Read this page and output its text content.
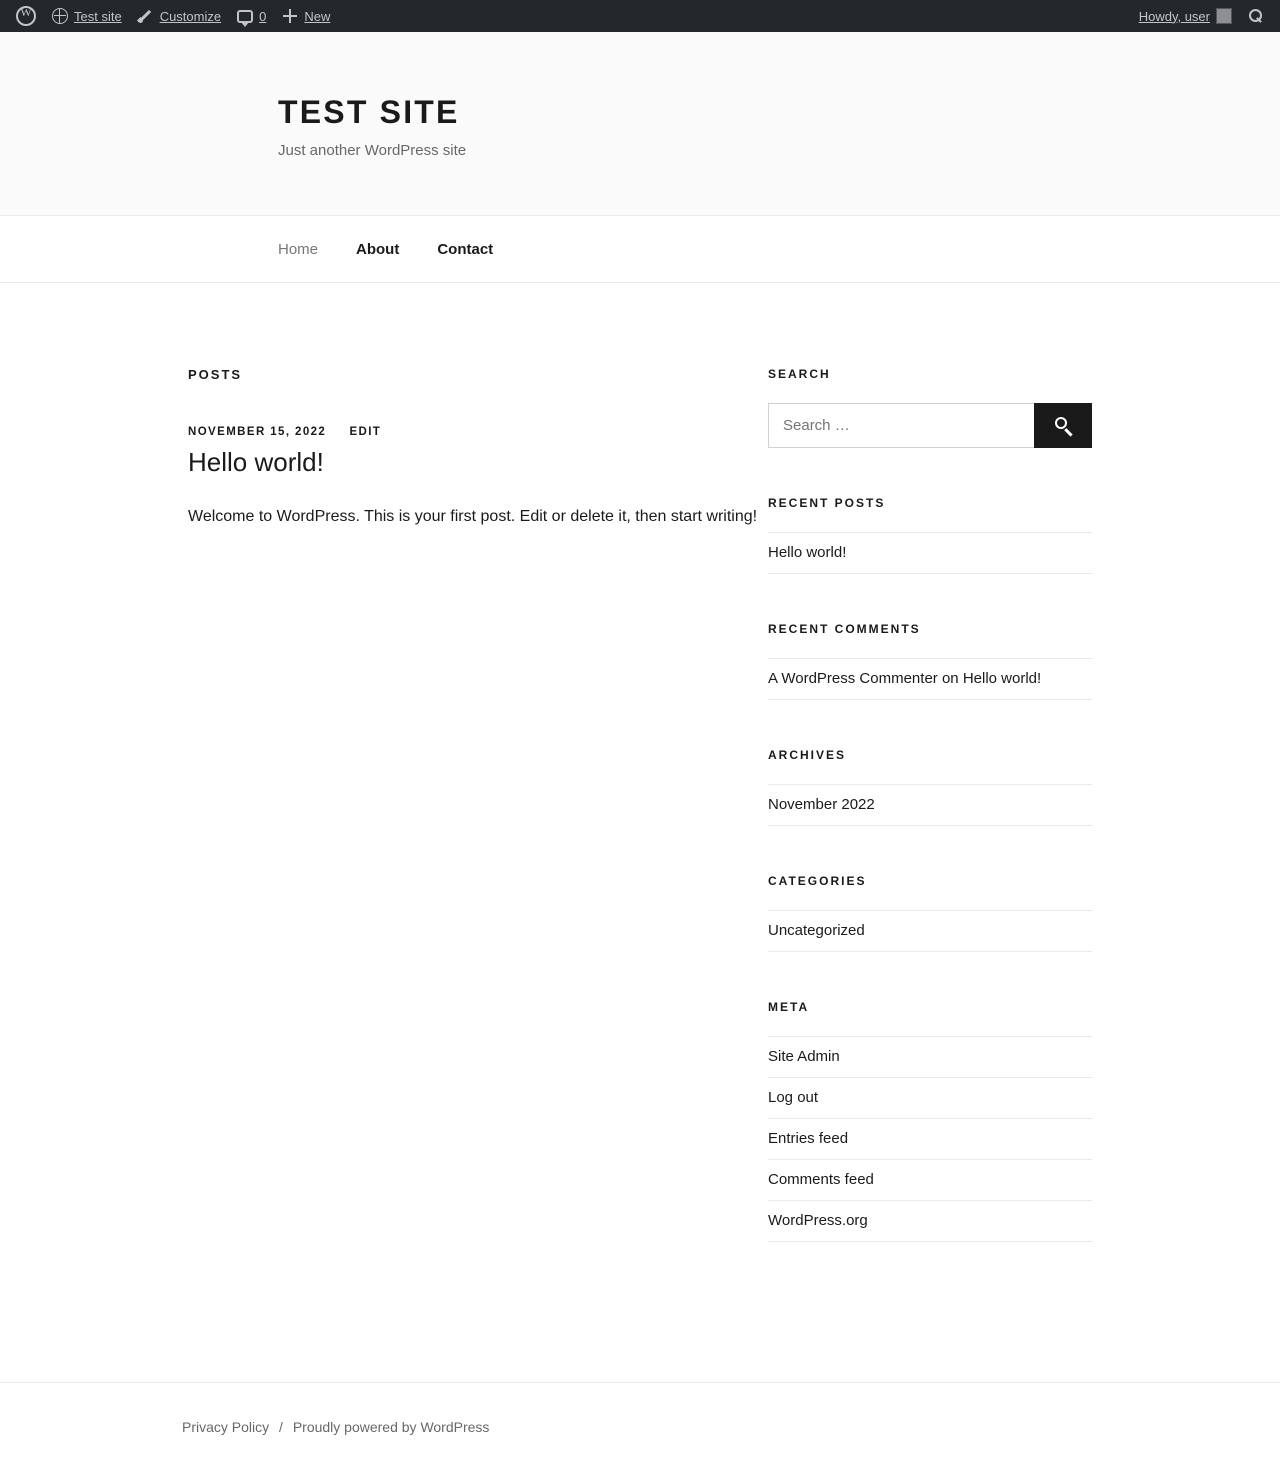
W
Test site	Customize	0	New	Howdy, user
TEST SITE

Just another WordPress site

Home	About	Contact
POSTS
NOVEMBER 15, 2022 EDIT
Hello world!

Welcome to WordPress. This is your first post. Edit or delete it, then start writing!

SEARCH
Search …
RECENT POSTS
Hello world!
RECENT COMMENTS
A WordPress Commenter on Hello world!
ARCHIVES
November 2022
CATEGORIES
Uncategorized
META
Site Admin
Log out
Entries feed
Comments feed
WordPress.org
Privacy Policy / Proudly powered by WordPress
